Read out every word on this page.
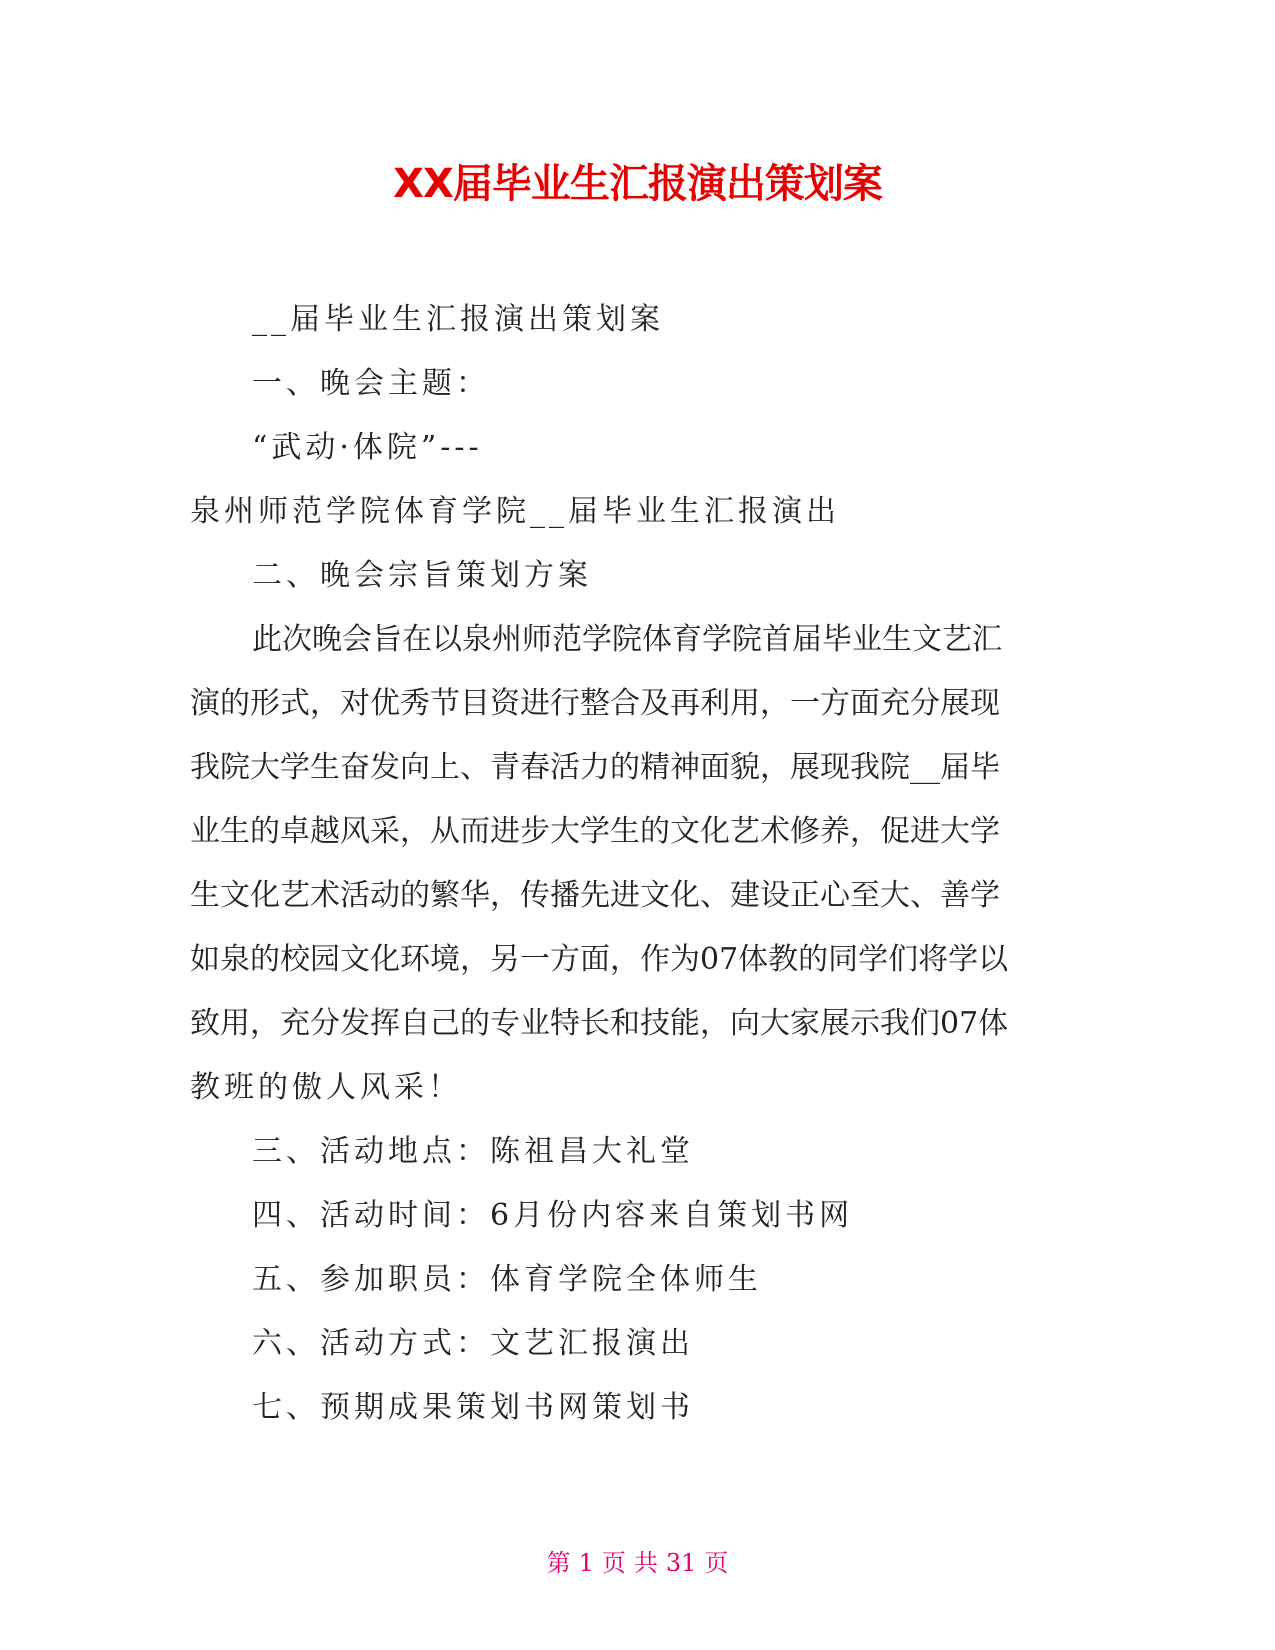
XX届毕业生汇报演出策划案

__届毕业生汇报演出策划案

一、晚会主题：

“武动·体院”---

泉州师范学院体育学院__届毕业生汇报演出

二、晚会宗旨策划方案

此次晚会旨在以泉州师范学院体育学院首届毕业生文艺汇
演的形式，对优秀节目资进行整合及再利用，一方面充分展现
我院大学生奋发向上、青春活力的精神面貌，展现我院__届毕
业生的卓越风采，从而进步大学生的文化艺术修养，促进大学
生文化艺术活动的繁华，传播先进文化、建设正心至大、善学
如泉的校园文化环境，另一方面，作为07体教的同学们将学以
致用，充分发挥自己的专业特长和技能，向大家展示我们07体
教班的傲人风采！

三、活动地点：陈祖昌大礼堂

四、活动时间：6月份内容来自策划书网

五、参加职员：体育学院全体师生

六、活动方式：文艺汇报演出

七、预期成果策划书网策划书

第 1 页 共 31 页
